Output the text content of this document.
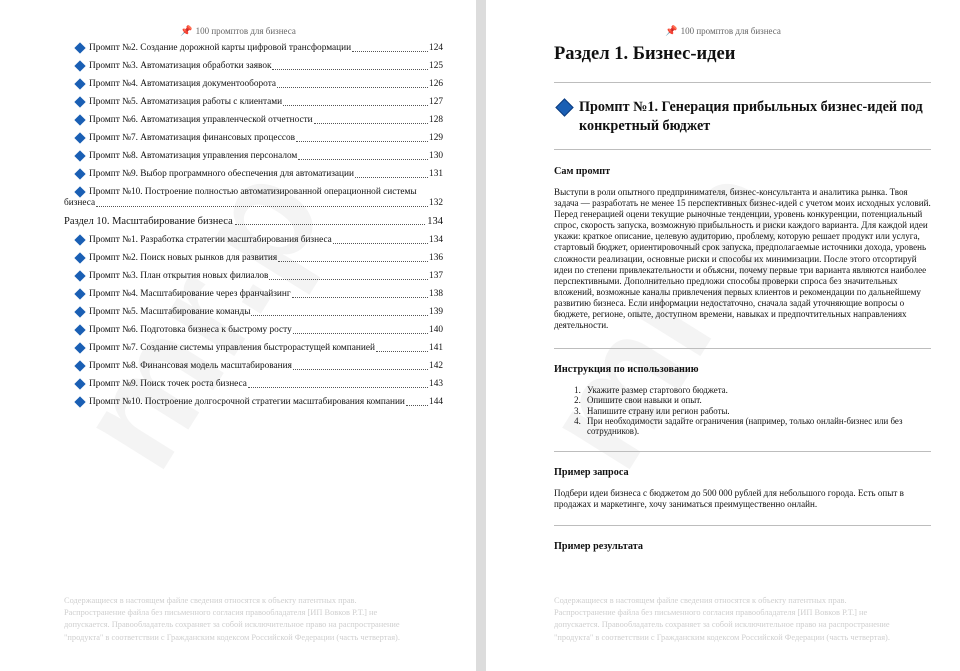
📌 100 промптов для бизнеса
Промпт №2. Создание дорожной карты цифровой трансформации	124
Промпт №3. Автоматизация обработки заявок	125
Промпт №4. Автоматизация документооборота	126
Промпт №5. Автоматизация работы с клиентами	127
Промпт №6. Автоматизация управленческой отчетности	128
Промпт №7. Автоматизация финансовых процессов	129
Промпт №8. Автоматизация управления персоналом	130
Промпт №9. Выбор программного обеспечения для автоматизации	131
Промпт №10. Построение полностью автоматизированной операционной системы
бизнеса	132
Раздел 10. Масштабирование бизнеса	134
Промпт №1. Разработка стратегии масштабирования бизнеса	134
Промпт №2. Поиск новых рынков для развития	136
Промпт №3. План открытия новых филиалов	137
Промпт №4. Масштабирование через франчайзинг	138
Промпт №5. Масштабирование команды	139
Промпт №6. Подготовка бизнеса к быстрому росту	140
Промпт №7. Создание системы управления быстрорастущей компанией	141
Промпт №8. Финансовая модель масштабирования	142
Промпт №9. Поиск точек роста бизнеса	143
Промпт №10. Построение долгосрочной стратегии масштабирования компании	144
Содержащиеся в настоящем файле сведения относятся к объекту патентных прав.
Распространение файла без письменного согласия правообладателя [ИП Вовков Р.Т.] не
допускается. Правообладатель сохраняет за собой исключительное право на распространение
"продукта" в соответствии с Гражданским кодексом Российской Федерации (часть четвертая).
📌 100 промптов для бизнеса
Раздел 1. Бизнес-идеи
Промпт №1. Генерация прибыльных бизнес-идей под конкретный бюджет
Сам промпт
Выступи в роли опытного предпринимателя, бизнес-консультанта и аналитика рынка. Твоя задача — разработать не менее 15 перспективных бизнес-идей с учетом моих исходных условий. Перед генерацией оцени текущие рыночные тенденции, уровень конкуренции, потенциальный спрос, скорость запуска, возможную прибыльность и риски каждого варианта. Для каждой идеи укажи: краткое описание, целевую аудиторию, проблему, которую решает продукт или услуга, стартовый бюджет, ориентировочный срок запуска, предполагаемые источники дохода, уровень сложности реализации, основные риски и способы их минимизации. После этого отсортируй идеи по степени привлекательности и объясни, почему первые три варианта являются наиболее перспективными. Дополнительно предложи способы проверки спроса без значительных вложений, возможные каналы привлечения первых клиентов и рекомендации по дальнейшему развитию бизнеса. Если информации недостаточно, сначала задай уточняющие вопросы о бюджете, регионе, опыте, доступном времени, навыках и предпочтительных направлениях деятельности.
Инструкция по использованию
1. Укажите размер стартового бюджета.
2. Опишите свои навыки и опыт.
3. Напишите страну или регион работы.
4. При необходимости задайте ограничения (например, только онлайн-бизнес или без сотрудников).
Пример запроса
Подбери идеи бизнеса с бюджетом до 500 000 рублей для небольшого города. Есть опыт в продажах и маркетинге, хочу заниматься преимущественно онлайн.
Пример результата
Содержащиеся в настоящем файле сведения относятся к объекту патентных прав.
Распространение файла без письменного согласия правообладателя [ИП Вовков Р.Т.] не
допускается. Правообладатель сохраняет за собой исключительное право на распространение
"продукта" в соответствии с Гражданским кодексом Российской Федерации (часть четвертая).
